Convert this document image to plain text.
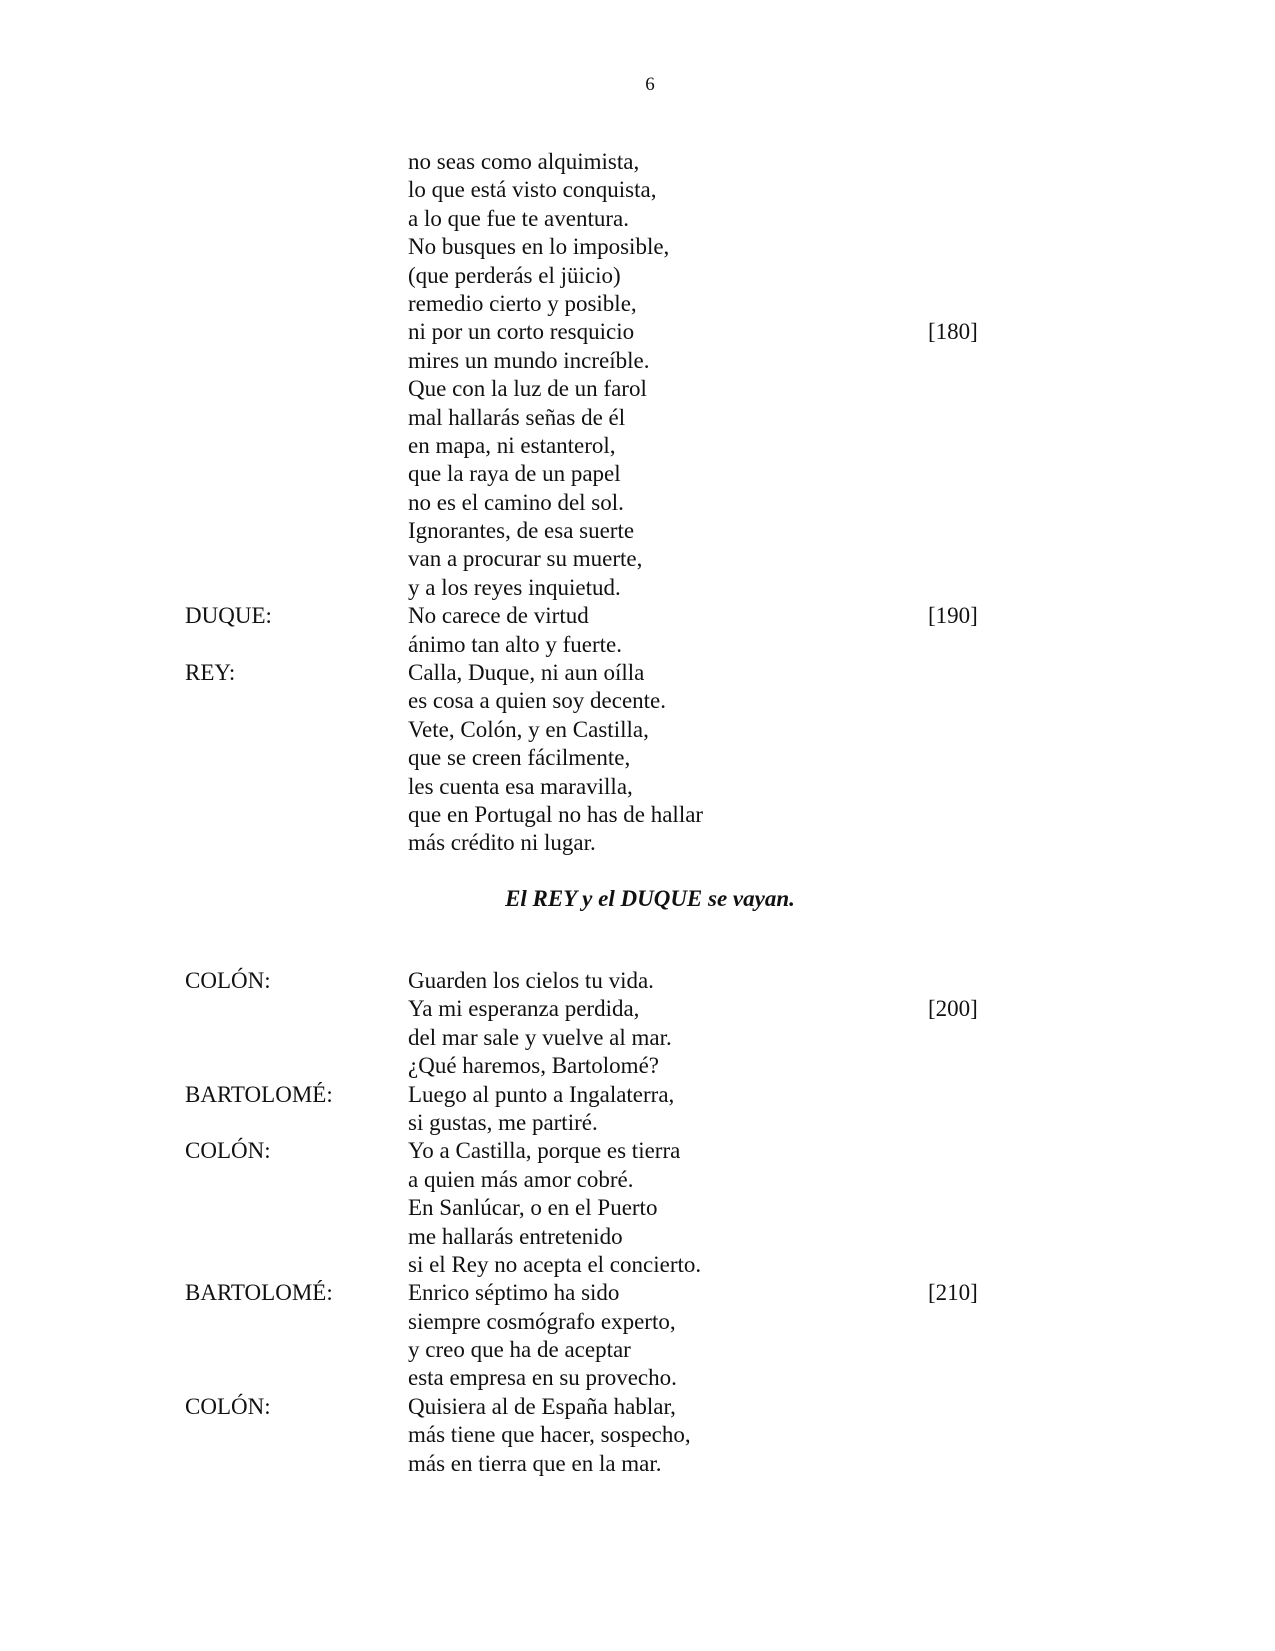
6
no seas como alquimista,
lo que está visto conquista,
a lo que fue te aventura.
No busques en lo imposible,
(que perderás el jüicio)
remedio cierto y posible,
ni por un corto resquicio	[180]
mires un mundo increíble.
Que con la luz de un farol
mal hallarás señas de él
en mapa, ni estanterol,
que la raya de un papel
no es el camino del sol.
Ignorantes, de esa suerte
van a procurar su muerte,
y a los reyes inquietud.
DUQUE:	No carece de virtud	[190]
ánimo tan alto y fuerte.
REY:	Calla, Duque, ni aun oílla
es cosa a quien soy decente.
Vete, Colón, y en Castilla,
que se creen fácilmente,
les cuenta esa maravilla,
que en Portugal no has de hallar
más crédito ni lugar.
El REY y el DUQUE se vayan.
COLÓN:	Guarden los cielos tu vida.
Ya mi esperanza perdida,	[200]
del mar sale y vuelve al mar.
¿Qué haremos, Bartolomé?
BARTOLOMÉ:	Luego al punto a Ingalaterra,
si gustas, me partiré.
COLÓN:	Yo a Castilla, porque es tierra
a quien más amor cobré.
En Sanlúcar, o en el Puerto
me hallarás entretenido
si el Rey no acepta el concierto.
BARTOLOMÉ:	Enrico séptimo ha sido	[210]
siempre cosmógrafo experto,
y creo que ha de aceptar
esta empresa en su provecho.
COLÓN:	Quisiera al de España hablar,
más tiene que hacer, sospecho,
más en tierra que en la mar.
